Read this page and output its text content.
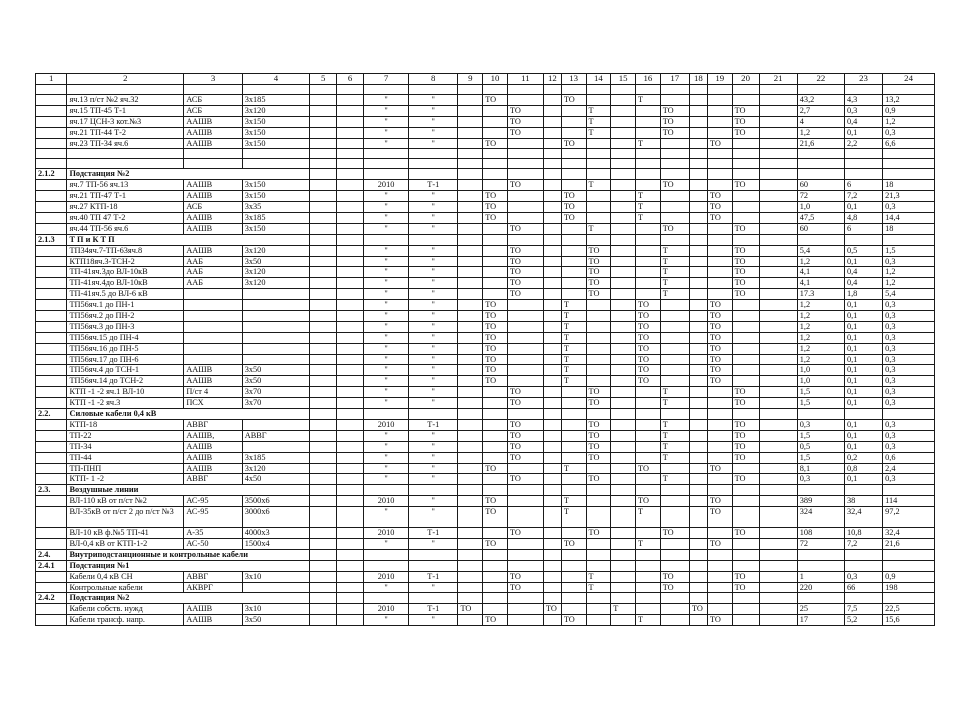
1	2	3	4	5	6	7	8	9	10	11	12	13	14	15	16	17	18	19	20	21	22	23	24

	яч.13 п/ст №2 яч.32	АСБ	3х185			"	"		ТО			ТО			Т						43,2	4,3	13,2
	яч.15 ТП-45 Т-1	АСБ	3х120			"	"			ТО			Т			ТО			ТО		2,7	0,3	0,9
	яч.17 ЦСН-3 кот.№3	ААШВ	3х150			"	"			ТО			Т			ТО			ТО		4	0,4	1,2
	яч.21 ТП-44 Т-2	ААШВ	3х150			"	"			ТО			Т			ТО			ТО		1,2	0,1	0,3
	яч.23 ТП-34 яч.6	ААШВ	3х150			"	"		ТО			ТО			Т			ТО			21,6	2,2	6,6

2.1.2	Подстанция №2																						
	яч.7 ТП-56 яч.13	ААШВ	3х150			2010	Т-1			ТО			Т			ТО			ТО		60	6	18
	яч.21 ТП-47 Т-1	ААШВ	3х150			"	"		ТО			ТО			Т			ТО			72	7,2	21,3
	яч.27 КТП-18	АСБ	3х35			"	"		ТО			ТО			Т			ТО			1,0	0,1	0,3
	яч.40 ТП 47 Т-2	ААШВ	3х185			"	"		ТО			ТО			Т			ТО			47,5	4,8	14,4
	яч.44 ТП-56 яч.6	ААШВ	3х150			"	"			ТО			Т			ТО			ТО		60	6	18
2.1.3	Т П и К Т П																						
	ТП34яч.7-ТП-63яч.8	ААШВ	3х120			"	"			ТО			ТО			Т			ТО		5,4	0,5	1,5
	КТП18яч.3-ТСН-2	ААБ	3х50			"	"			ТО			ТО			Т			ТО		1,2	0,1	0,3
	ТП-41яч.3до ВЛ-10кВ	ААБ	3х120			"	"			ТО			ТО			Т			ТО		4,1	0,4	1,2
	ТП-41яч.4до ВЛ-10кВ	ААБ	3х120			"	"			ТО			ТО			Т			ТО		4,1	0,4	1,2
	ТП-41яч.5 до ВЛ-6 кВ					"	"			ТО			ТО			Т			ТО		17.3	1,8	5,4
	ТП56яч.1 до ПН-1					"	"		ТО			Т			ТО			ТО			1,2	0,1	0,3
	ТП56яч.2 до ПН-2					"	"		ТО			Т			ТО			ТО			1,2	0,1	0,3
	ТП56яч.3 до ПН-3					"	"		ТО			Т			ТО			ТО			1,2	0,1	0,3
	ТП56яч.15 до ПН-4					"	"		ТО			Т			ТО			ТО			1,2	0,1	0,3
	ТП56яч.16 до ПН-5					"	"		ТО			Т			ТО			ТО			1,2	0,1	0,3
	ТП56яч.17 до ПН-6					"	"		ТО			Т			ТО			ТО			1,2	0,1	0,3
	ТП56яч.4 до ТСН-1	ААШВ	3х50			"	"		ТО			Т			ТО			ТО			1,0	0,1	0,3
	ТП56яч.14 до ТСН-2	ААШВ	3х50			"	"		ТО			Т			ТО			ТО			1,0	0,1	0,3
	КТП -1 -2 яч.1 ВЛ-10	П/ст 4	3х70			"	"			ТО			ТО			Т			ТО		1,5	0,1	0,3
	КТП -1 -2 яч.3	ПСХ	3х70			"	"			ТО			ТО			Т			ТО		1,5	0,1	0,3
2.2.	Силовые кабели 0,4 кВ																						
	КТП-18	АВВГ				2010	Т-1			ТО			ТО			Т			ТО		0,3	0,1	0,3
	ТП-22	ААШВ,	АВВГ			"	"			ТО			ТО			Т			ТО		1,5	0,1	0,3
	ТП-34	ААШВ				"	"			ТО			ТО			Т			ТО		0,5	0,1	0,3
	ТП-44	ААШВ	3х185			"	"			ТО			ТО			Т			ТО		1,5	0,2	0,6
	ТП-ПНП	ААШВ	3х120			"	"		ТО			Т			ТО			ТО			8,1	0,8	2,4
	КТП- 1 -2	АВВГ	4х50			"	"			ТО			ТО			Т			ТО		0,3	0,1	0,3
2.3.	Воздушные линии																						
	ВЛ-110 кВ от п/ст №2	АС-95	3500х6			2010	"		ТО			Т			ТО			ТО			389	38	114
	ВЛ-35кВ от п/ст 2 до п/ст №3	АС-95	3000х6			"	"		ТО			Т			Т			ТО			324	32,4	97,2
	ВЛ-10 кВ ф.№5 ТП-41	А-35	4000х3			2010	Т-1			ТО			ТО			ТО			ТО		108	10,8	32,4
	ВЛ-0,4 кВ от КТП-1-2	АС-50	1500х4			"	"		ТО			ТО			Т			ТО			72	7,2	21,6
2.4.	Внутриподстанционные и контрольные кабели																						
2.4.1	Подстанция №1																						
	Кабели 0,4 кВ СН	АВВГ	3х10			2010	Т-1			ТО			Т			ТО			ТО		1	0,3	0,9
	Контрольные кабели	АКВРГ				"	"			ТО			Т			ТО			ТО		220	66	198
2.4.2	Подстанция №2																						
	Кабели собств. нужд	ААШВ	3х10			2010	Т-1	ТО			ТО			Т			ТО				25	7,5	22,5
	Кабели трансф. напр.	ААШВ	3х50			"	"		ТО			ТО			Т			ТО			17	5,2	15,6
